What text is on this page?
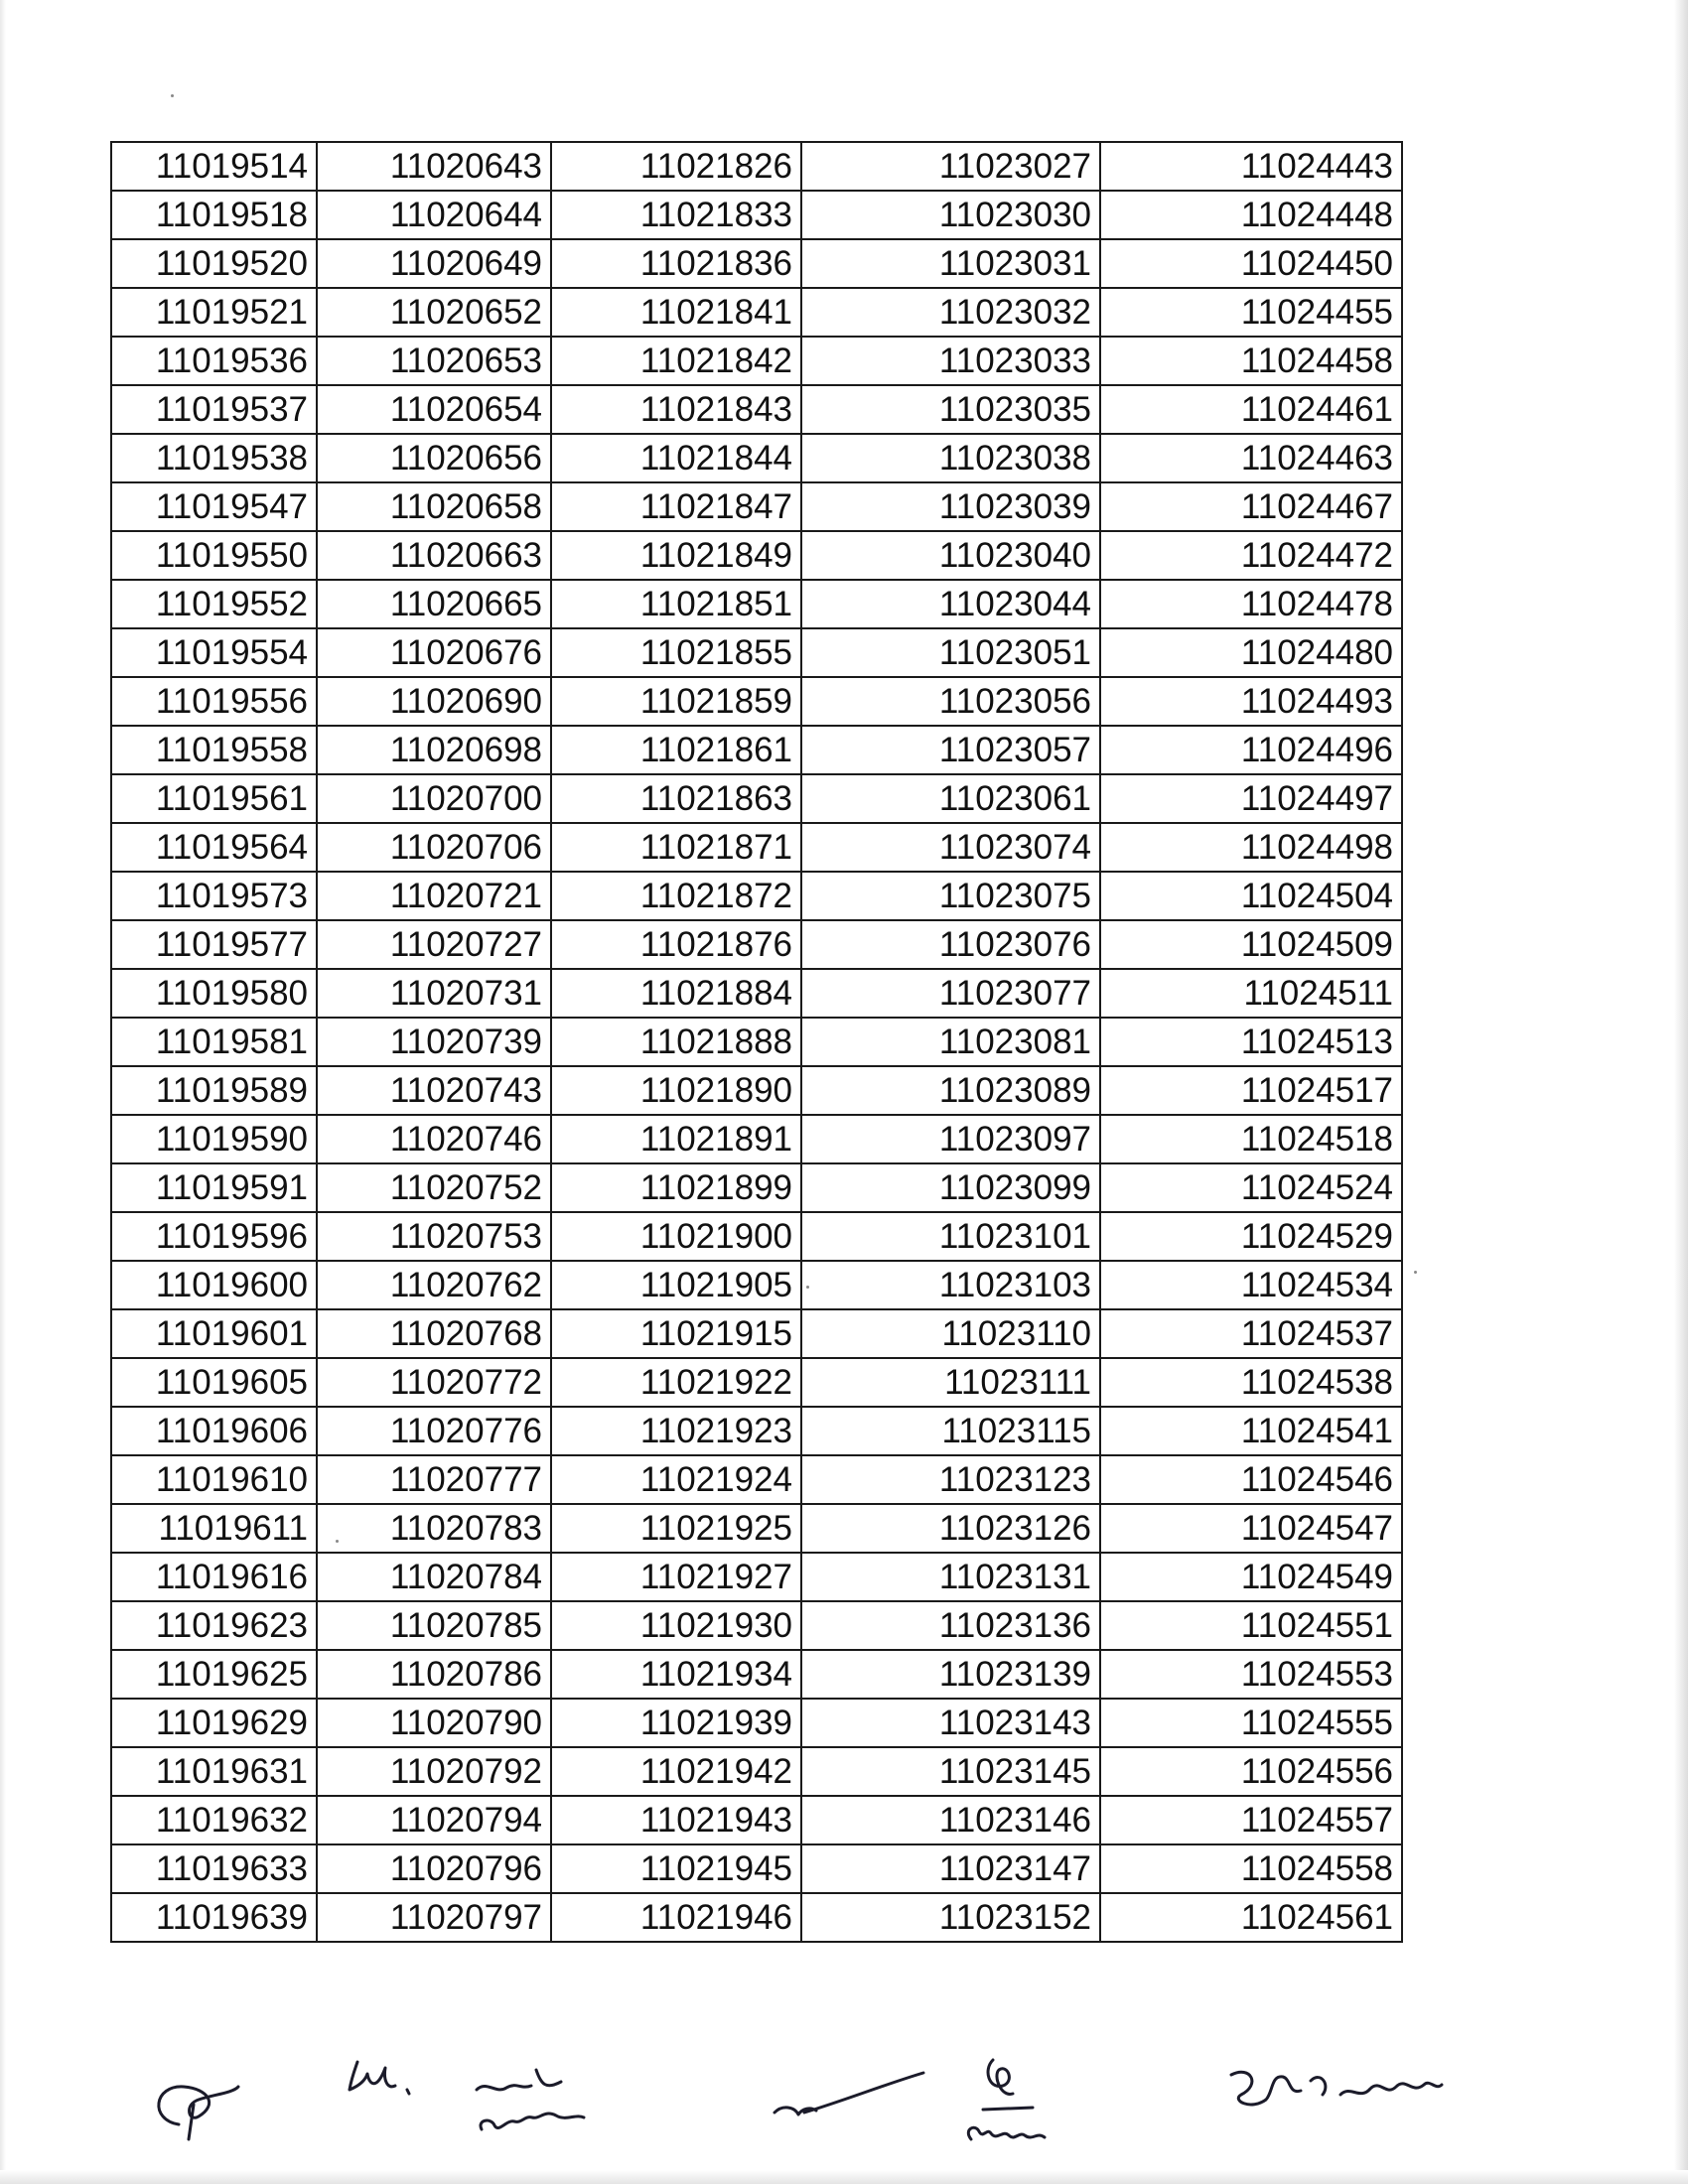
11019514	11020643	11021826	11023027	11024443
11019518	11020644	11021833	11023030	11024448
11019520	11020649	11021836	11023031	11024450
11019521	11020652	11021841	11023032	11024455
11019536	11020653	11021842	11023033	11024458
11019537	11020654	11021843	11023035	11024461
11019538	11020656	11021844	11023038	11024463
11019547	11020658	11021847	11023039	11024467
11019550	11020663	11021849	11023040	11024472
11019552	11020665	11021851	11023044	11024478
11019554	11020676	11021855	11023051	11024480
11019556	11020690	11021859	11023056	11024493
11019558	11020698	11021861	11023057	11024496
11019561	11020700	11021863	11023061	11024497
11019564	11020706	11021871	11023074	11024498
11019573	11020721	11021872	11023075	11024504
11019577	11020727	11021876	11023076	11024509
11019580	11020731	11021884	11023077	11024511
11019581	11020739	11021888	11023081	11024513
11019589	11020743	11021890	11023089	11024517
11019590	11020746	11021891	11023097	11024518
11019591	11020752	11021899	11023099	11024524
11019596	11020753	11021900	11023101	11024529
11019600	11020762	11021905	11023103	11024534
11019601	11020768	11021915	11023110	11024537
11019605	11020772	11021922	11023111	11024538
11019606	11020776	11021923	11023115	11024541
11019610	11020777	11021924	11023123	11024546
11019611	11020783	11021925	11023126	11024547
11019616	11020784	11021927	11023131	11024549
11019623	11020785	11021930	11023136	11024551
11019625	11020786	11021934	11023139	11024553
11019629	11020790	11021939	11023143	11024555
11019631	11020792	11021942	11023145	11024556
11019632	11020794	11021943	11023146	11024557
11019633	11020796	11021945	11023147	11024558
11019639	11020797	11021946	11023152	11024561
